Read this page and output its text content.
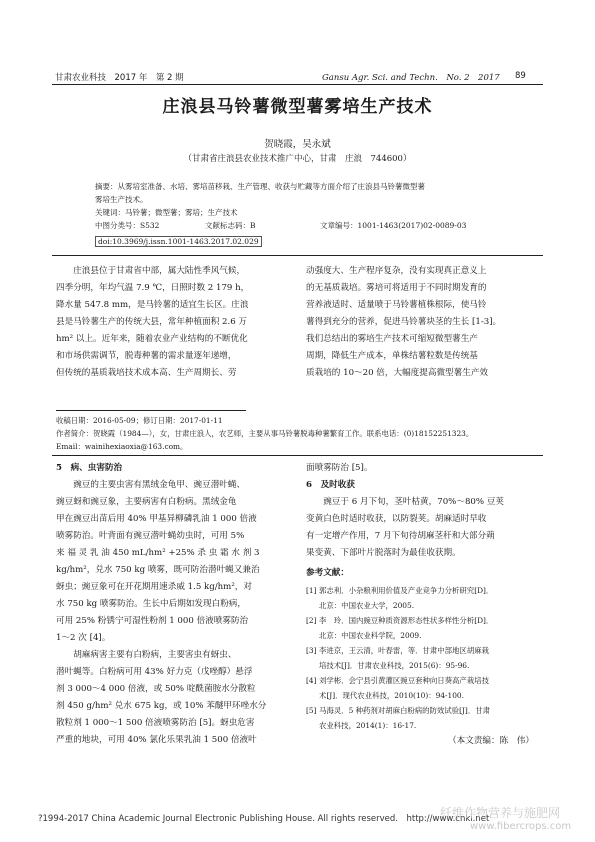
甘肃农业科技　2017 年　第 2 期	Gansu Agr. Sci. and Techn.　No. 2　2017 89
庄浪县马铃薯微型薯雾培生产技术
贺晓霞，吴永斌
（甘肃省庄浪县农业技术推广中心，甘肃　庄浪　744600）
摘要：从雾培室准备、水培、雾培苗移栽、生产管理、收获与贮藏等方面介绍了庄浪县马铃薯微型薯
雾培生产技术。
关键词：马铃薯；微型薯；雾培；生产技术
中图分类号：S532	文献标志码：B	文章编号：1001-1463(2017)02-0089-03
doi:10.3969/j.issn.1001-1463.2017.02.029
　　庄浪县位于甘肃省中部，属大陆性季风气候，
四季分明，年均气温 7.9 ℃，日照时数 2 179 h，
降水量 547.8 mm，是马铃薯的适宜生长区。庄浪
县是马铃薯生产的传统大县，常年种植面积 2.6 万
hm² 以上。近年来，随着农业产业结构的不断优化
和市场供需调节，脱毒种薯的需求量逐年递增，
但传统的基质栽培技术成本高、生产周期长、劳
动强度大、生产程序复杂，没有实现真正意义上
的无基质栽培。雾培可将适用于不同时期发育的
营养液适时、适量喷于马铃薯植株根际，使马铃
薯得到充分的营养，促进马铃薯块茎的生长 [1-3]。
我们总结出的雾培生产技术可缩短微型薯生产
周期，降低生产成本，单株结薯粒数是传统基
质栽培的 10～20 倍，大幅度提高微型薯生产效
收稿日期：2016-05-09；修订日期：2017-01-11
作者简介：贺晓霞（1984—），女，甘肃庄浪人，农艺师，主要从事马铃薯脱毒种薯繁育工作。联系电话：(0)18152251323。
Email：wainihexiaoxia@163.com。
5　病、虫害防治
　　豌豆的主要虫害有黑绒金龟甲、豌豆潜叶蝇、
豌豆蚜和豌豆象，主要病害有白粉病。黑绒金龟
甲在豌豆出苗后用 40% 甲基异柳磷乳油 1 000 倍液
喷雾防治。叶背面有豌豆潜叶蝇幼虫时，可用 5%
来 福 灵 乳 油 450 mL/hm² +25% 杀 虫 霜 水 剂 3
kg/hm²，兑水 750 kg 喷雾，既可防治潜叶蝇又兼治
蚜虫；豌豆象可在开花期用速杀威 1.5 kg/hm²，对
水 750 kg 喷雾防治。生长中后期如发现白粉病，
可用 25% 粉锈宁可湿性粉剂 1 000 倍液喷雾防治
1～2 次 [4]。
　　胡麻病害主要有白粉病，主要害虫有蚜虫、
潜叶蝇等。白粉病可用 43% 好力克（戊唑醇）悬浮
剂 3 000～4 000 倍液，或 50% 啶酰菌胺水分散粒
剂 450 g/hm² 兑水 675 kg，或 10% 苯醚甲环唑水分
散粒剂 1 000～1 500 倍液喷雾防治 [5]。蚜虫危害
严重的地块，可用 40% 氯化乐果乳油 1 500 倍液叶
面喷雾防治 [5]。
6　及时收获
　　豌豆于 6 月下旬，茎叶枯黄，70%～80% 豆荚
变黄白色时适时收获，以防裂荚。胡麻适时早收
有一定增产作用，7 月下旬待胡麻茎秆和大部分蒴
果变黄、下部叶片脱落时为最佳收获期。
参考文献：
[1] 郭志利．小杂粮利用价值及产业竞争力分析研究[D]．
北京：中国农业大学，2005.
[2] 李　玲．国内豌豆种质资源形态性状多样性分析[D]．
北京：中国农业科学院，2009.
[3] 李进京，王云清，叶春雷，等．甘肃中部地区胡麻栽
培技术[J]．甘肃农业科技，2015(6)：95-96.
[4] 刘学彬．会宁县引黄灌区豌豆套种向日葵高产栽培技
术[J]．现代农业科技，2010(10)：94-100.
[5] 马海灵．5 种药剂对胡麻白粉病的防效试验[J]．甘肃
农业科技，2014(1)：16-17.
（本文责编：陈　伟）
?1994-2017 China Academic Journal Electronic Publishing House. All rights reserved.　http://www.cnki.net
纤维作物营养与施肥网
www.fibercrops.com
